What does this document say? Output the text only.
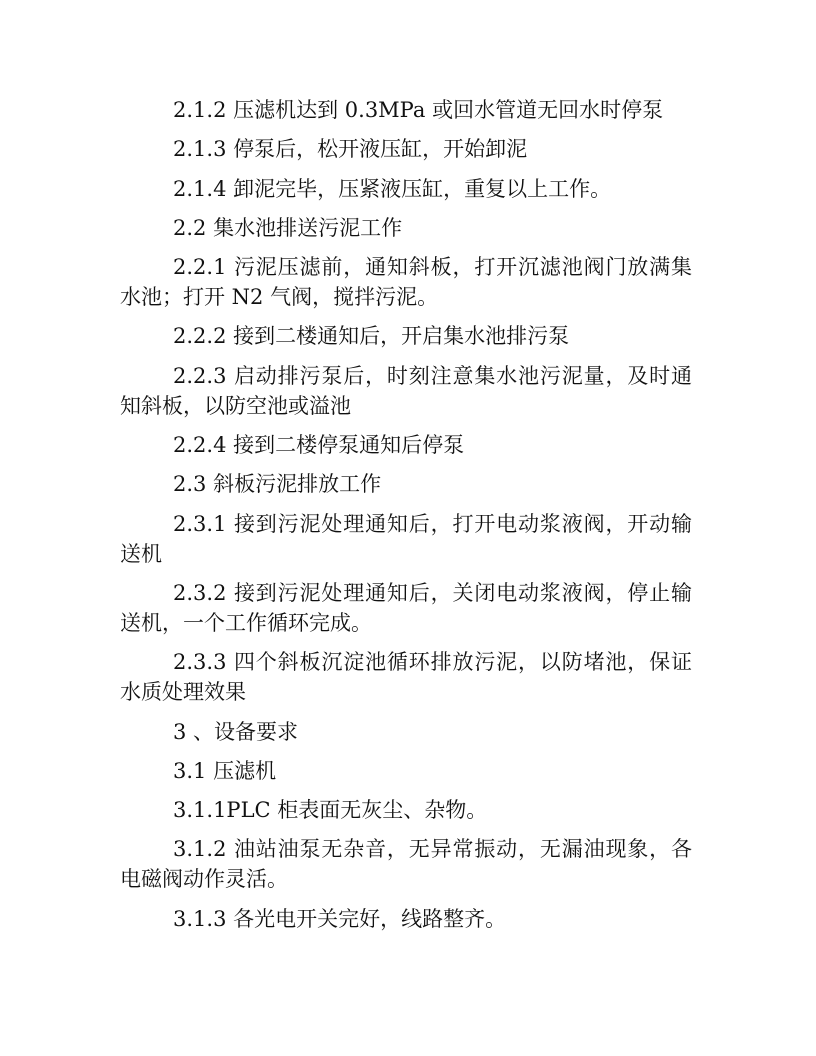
2.1.2 压滤机达到 0.3MPa 或回水管道无回水时停泵

2.1.3 停泵后，松开液压缸，开始卸泥

2.1.4 卸泥完毕，压紧液压缸，重复以上工作。

2.2 集水池排送污泥工作

2.2.1 污泥压滤前，通知斜板，打开沉滤池阀门放满集水池；打开 N2 气阀，搅拌污泥。

2.2.2 接到二楼通知后，开启集水池排污泵

2.2.3 启动排污泵后，时刻注意集水池污泥量，及时通知斜板，以防空池或溢池

2.2.4 接到二楼停泵通知后停泵

2.3 斜板污泥排放工作

2.3.1 接到污泥处理通知后，打开电动浆液阀，开动输送机

2.3.2 接到污泥处理通知后，关闭电动浆液阀，停止输送机，一个工作循环完成。

2.3.3 四个斜板沉淀池循环排放污泥，以防堵池，保证水质处理效果

3 、设备要求

3.1 压滤机

3.1.1PLC 柜表面无灰尘、杂物。

3.1.2 油站油泵无杂音，无异常振动，无漏油现象，各电磁阀动作灵活。

3.1.3 各光电开关完好，线路整齐。
